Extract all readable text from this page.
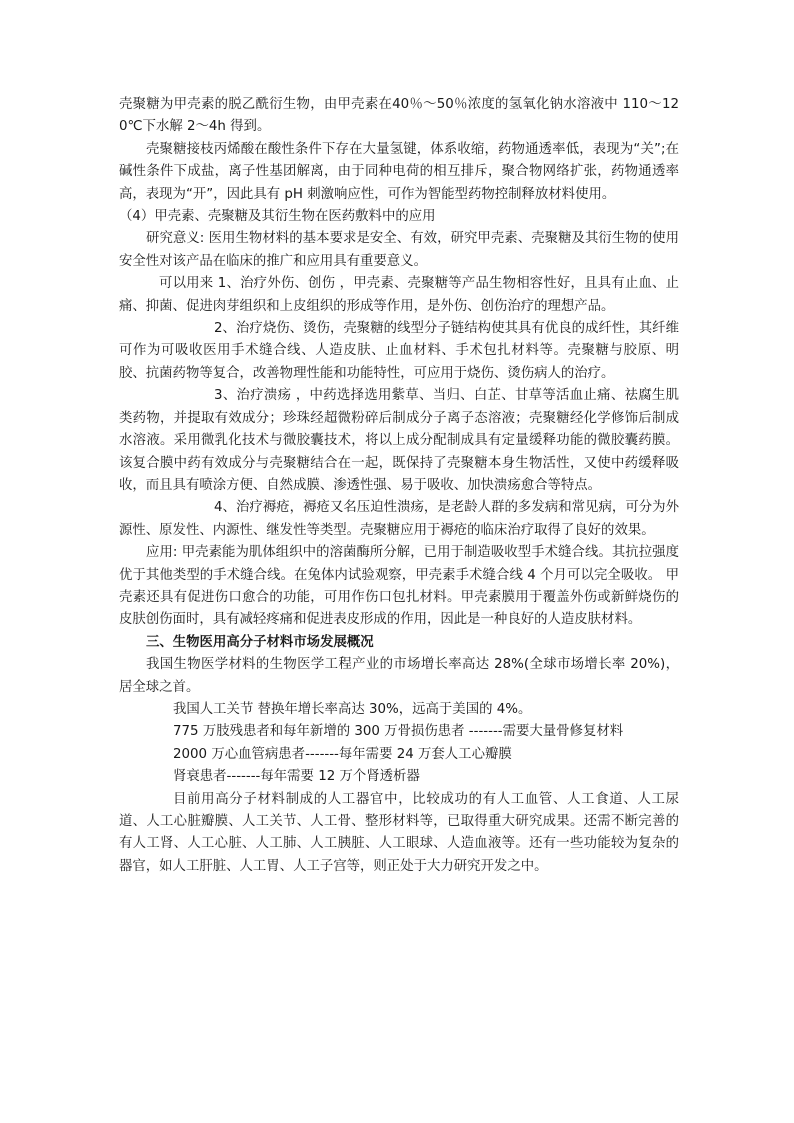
壳聚糖为甲壳素的脱乙酰衍生物，由甲壳素在40％～50％浓度的氢氧化钠水溶液中 110～120℃下水解 2～4h 得到。

壳聚糖接枝丙烯酸在酸性条件下存在大量氢键，体系收缩，药物通透率低，表现为“关”;在碱性条件下成盐，离子性基团解离，由于同种电荷的相互排斥，聚合物网络扩张，药物通透率高，表现为“开”，因此具有 pH 刺激响应性，可作为智能型药物控制释放材料使用。

（4）甲壳素、壳聚糖及其衍生物在医药敷料中的应用

研究意义: 医用生物材料的基本要求是安全、有效，研究甲壳素、壳聚糖及其衍生物的使用安全性对该产品在临床的推广和应用具有重要意义。

可以用来 1、治疗外伤、创伤 ，甲壳素、壳聚糖等产品生物相容性好，且具有止血、止痛、抑菌、促进肉芽组织和上皮组织的形成等作用，是外伤、创伤治疗的理想产品。

2、治疗烧伤、烫伤，壳聚糖的线型分子链结构使其具有优良的成纤性，其纤维可作为可吸收医用手术缝合线、人造皮肤、止血材料、手术包扎材料等。壳聚糖与胶原、明胶、抗菌药物等复合，改善物理性能和功能特性，可应用于烧伤、烫伤病人的治疗。

3、治疗溃疡 ，中药选择选用紫草、当归、白芷、甘草等活血止痛、祛腐生肌类药物，并提取有效成分；珍珠经超微粉碎后制成分子离子态溶液；壳聚糖经化学修饰后制成水溶液。采用微乳化技术与微胶囊技术，将以上成分配制成具有定量缓释功能的微胶囊药膜。该复合膜中药有效成分与壳聚糖结合在一起，既保持了壳聚糖本身生物活性，又使中药缓释吸收，而且具有喷涂方便、自然成膜、渗透性强、易于吸收、加快溃疡愈合等特点。

4、治疗褥疮，褥疮又名压迫性溃疡，是老龄人群的多发病和常见病，可分为外源性、原发性、内源性、继发性等类型。壳聚糖应用于褥疮的临床治疗取得了良好的效果。

应用: 甲壳素能为肌体组织中的溶菌酶所分解，已用于制造吸收型手术缝合线。其抗拉强度优于其他类型的手术缝合线。在兔体内试验观察，甲壳素手术缝合线 4 个月可以完全吸收。 甲壳素还具有促进伤口愈合的功能，可用作伤口包扎材料。甲壳素膜用于覆盖外伤或新鲜烧伤的皮肤创伤面时，具有减轻疼痛和促进表皮形成的作用，因此是一种良好的人造皮肤材料。

三、生物医用高分子材料市场发展概况

我国生物医学材料的生物医学工程产业的市场增长率高达 28%(全球市场增长率 20%)，居全球之首。

我国人工关节 替换年增长率高达 30%，远高于美国的 4%。

775 万肢残患者和每年新增的 300 万骨损伤患者 -------需要大量骨修复材料

2000 万心血管病患者-------每年需要 24 万套人工心瓣膜

肾衰患者-------每年需要 12 万个肾透析器

目前用高分子材料制成的人工器官中，比较成功的有人工血管、人工食道、人工尿道、人工心脏瓣膜、人工关节、人工骨、整形材料等，已取得重大研究成果。还需不断完善的有人工肾、人工心脏、人工肺、人工胰脏、人工眼球、人造血液等。还有一些功能较为复杂的器官，如人工肝脏、人工胃、人工子宫等，则正处于大力研究开发之中。
